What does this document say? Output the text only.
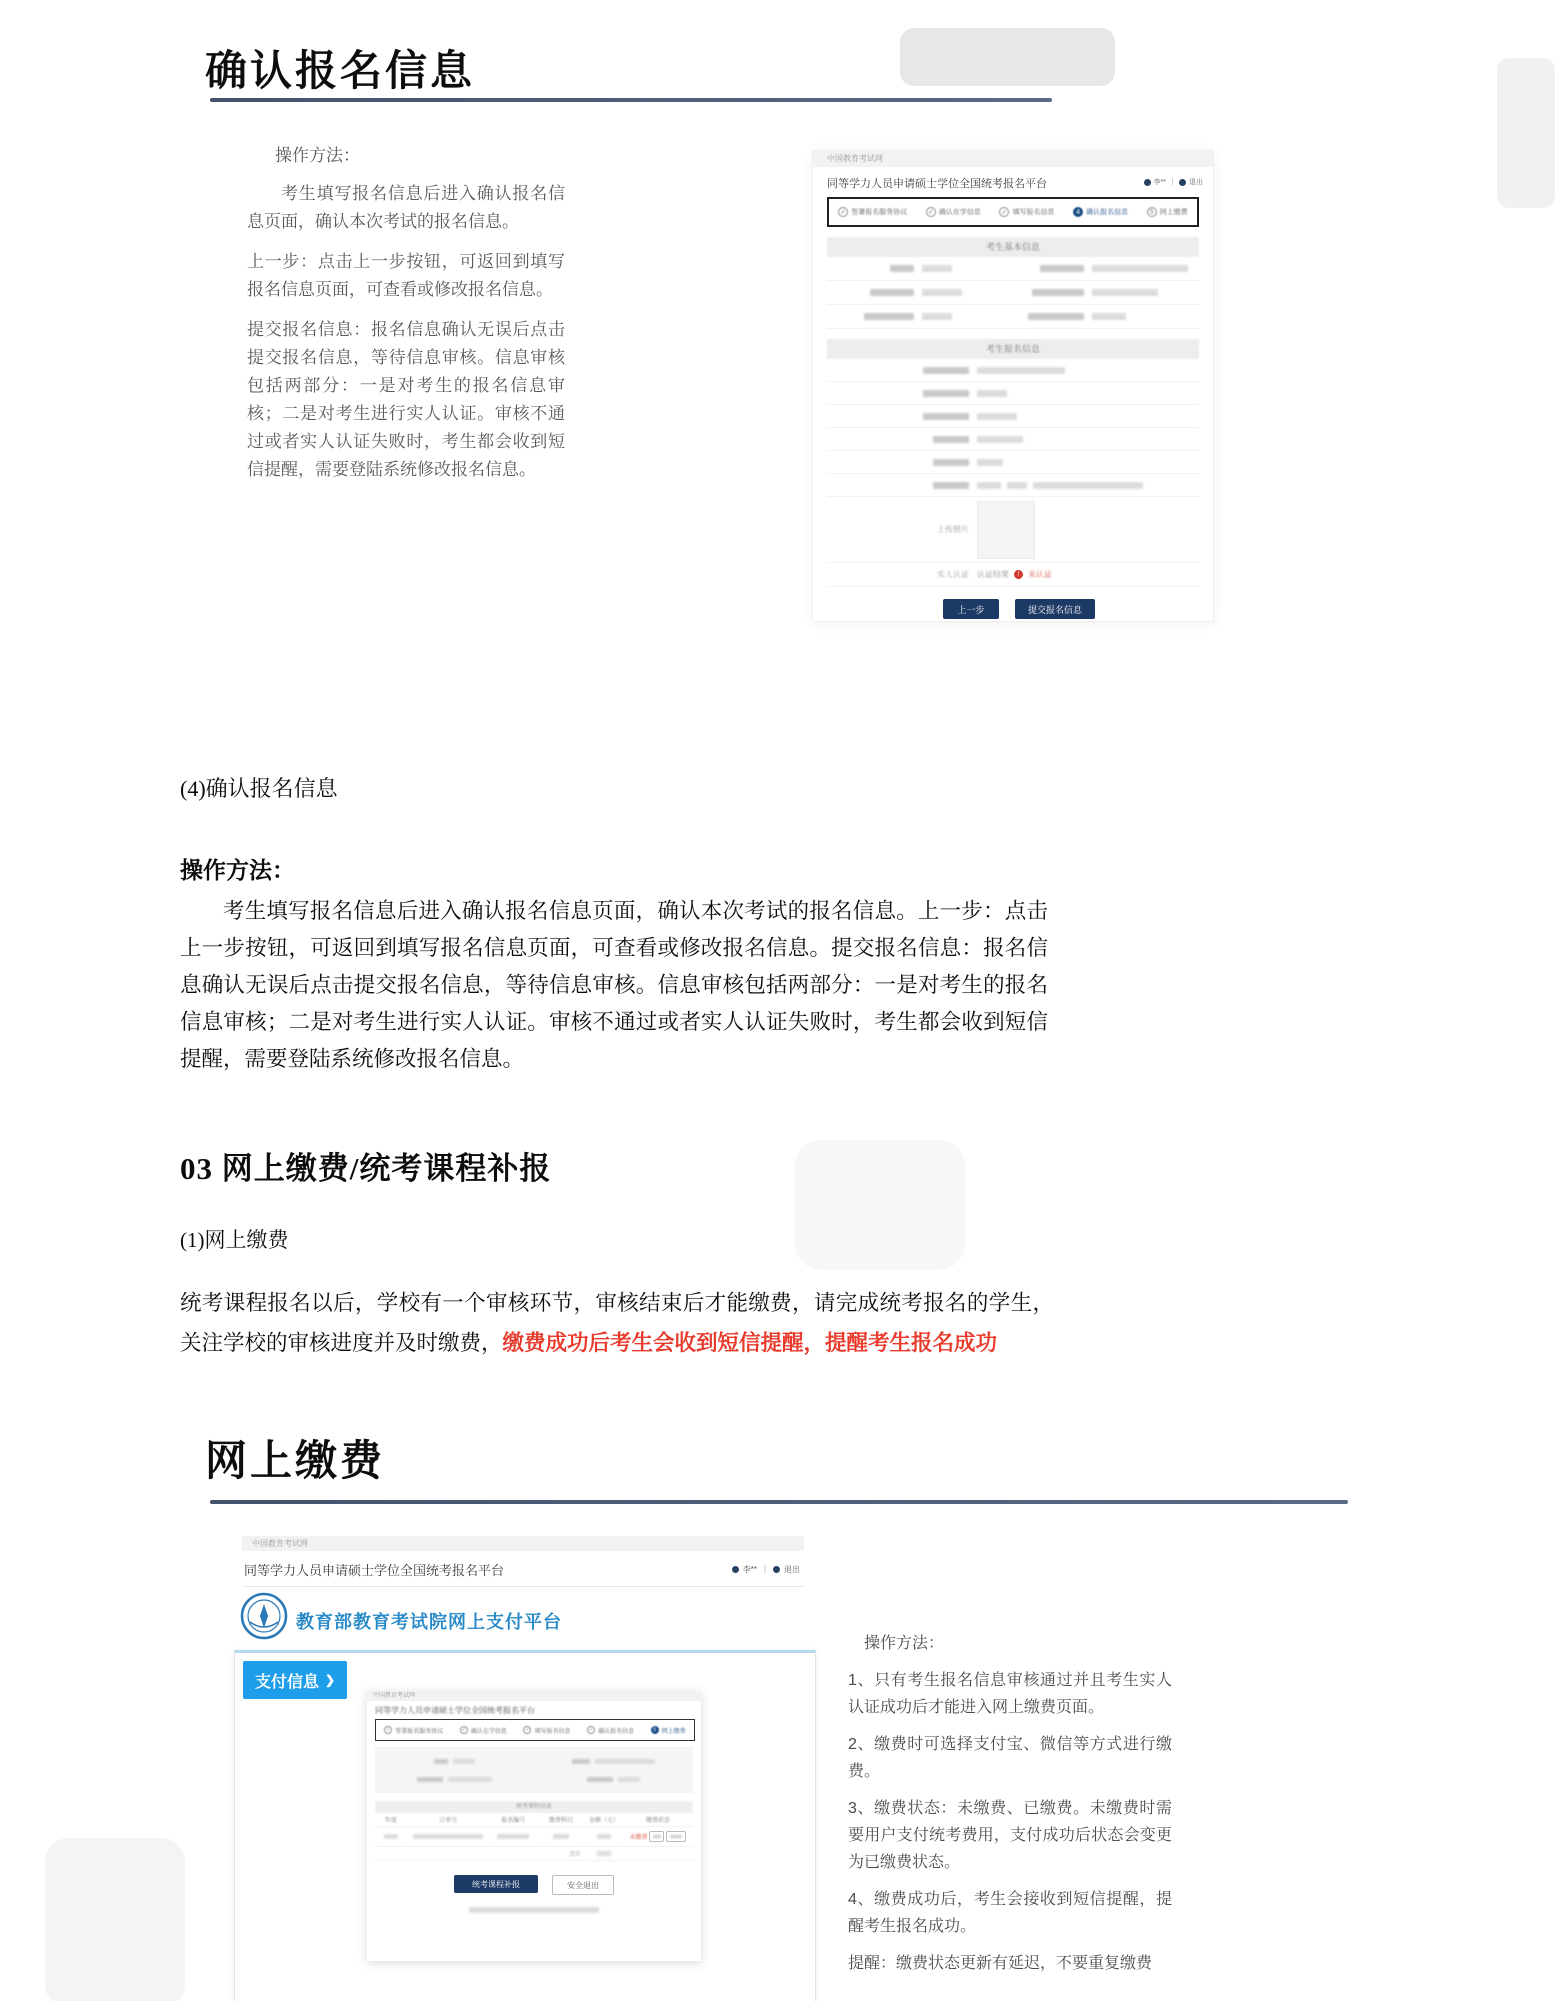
确认报名信息
操作方法：

考生填写报名信息后进入确认报名信息页面，确认本次考试的报名信息。

上一步：点击上一步按钮，可返回到填写报名信息页面，可查看或修改报名信息。

提交报名信息：报名信息确认无误后点击提交报名信息，等待信息审核。信息审核包括两部分：一是对考生的报名信息审核；二是对考生进行实人认证。审核不通过或者实人认证失败时，考生都会收到短信提醒，需要登陆系统修改报名信息。

中国教育考试网
同等学力人员申请硕士学位全国统考报名平台	李** ｜ 退出
✓ 签署报名服务协议	✓ 确认在学信息	✓ 填写报名信息	4 确认报名信息	5 网上缴费
考生基本信息
考生报名信息
上传照片
实人认证 认证结果	!	未认证
上一步	提交报名信息
(4)确认报名信息
操作方法：
考生填写报名信息后进入确认报名信息页面，确认本次考试的报名信息。上一步：点击上一步按钮，可返回到填写报名信息页面，可查看或修改报名信息。提交报名信息：报名信息确认无误后点击提交报名信息，等待信息审核。信息审核包括两部分：一是对考生的报名信息审核；二是对考生进行实人认证。审核不通过或者实人认证失败时，考生都会收到短信提醒，需要登陆系统修改报名信息。
03 网上缴费/统考课程补报
(1)网上缴费
统考课程报名以后，学校有一个审核环节，审核结束后才能缴费，请完成统考报名的学生，关注学校的审核进度并及时缴费，缴费成功后考生会收到短信提醒，提醒考生报名成功
网上缴费
中国教育考试网
同等学力人员申请硕士学位全国统考报名平台	李** ｜ 退出
教育部教育考试院网上支付平台
支付信息 ❯
中国教育考试网
同等学力人员申请硕士学位全国统考报名平台
✓ 签署报名服务协议	✓ 确认在学信息	✓ 填写报名信息	✓ 确认报名信息	5 网上缴费
统考课程信息
年度	订单号	报名编号	缴费科目	金额（元）	缴费状态
未缴费
合计
统考课程补报	安全退出
操作方法：

1、只有考生报名信息审核通过并且考生实人认证成功后才能进入网上缴费页面。

2、缴费时可选择支付宝、微信等方式进行缴费。

3、缴费状态：未缴费、已缴费。未缴费时需要用户支付统考费用，支付成功后状态会变更为已缴费状态。

4、缴费成功后，考生会接收到短信提醒，提醒考生报名成功。

提醒：缴费状态更新有延迟，不要重复缴费
